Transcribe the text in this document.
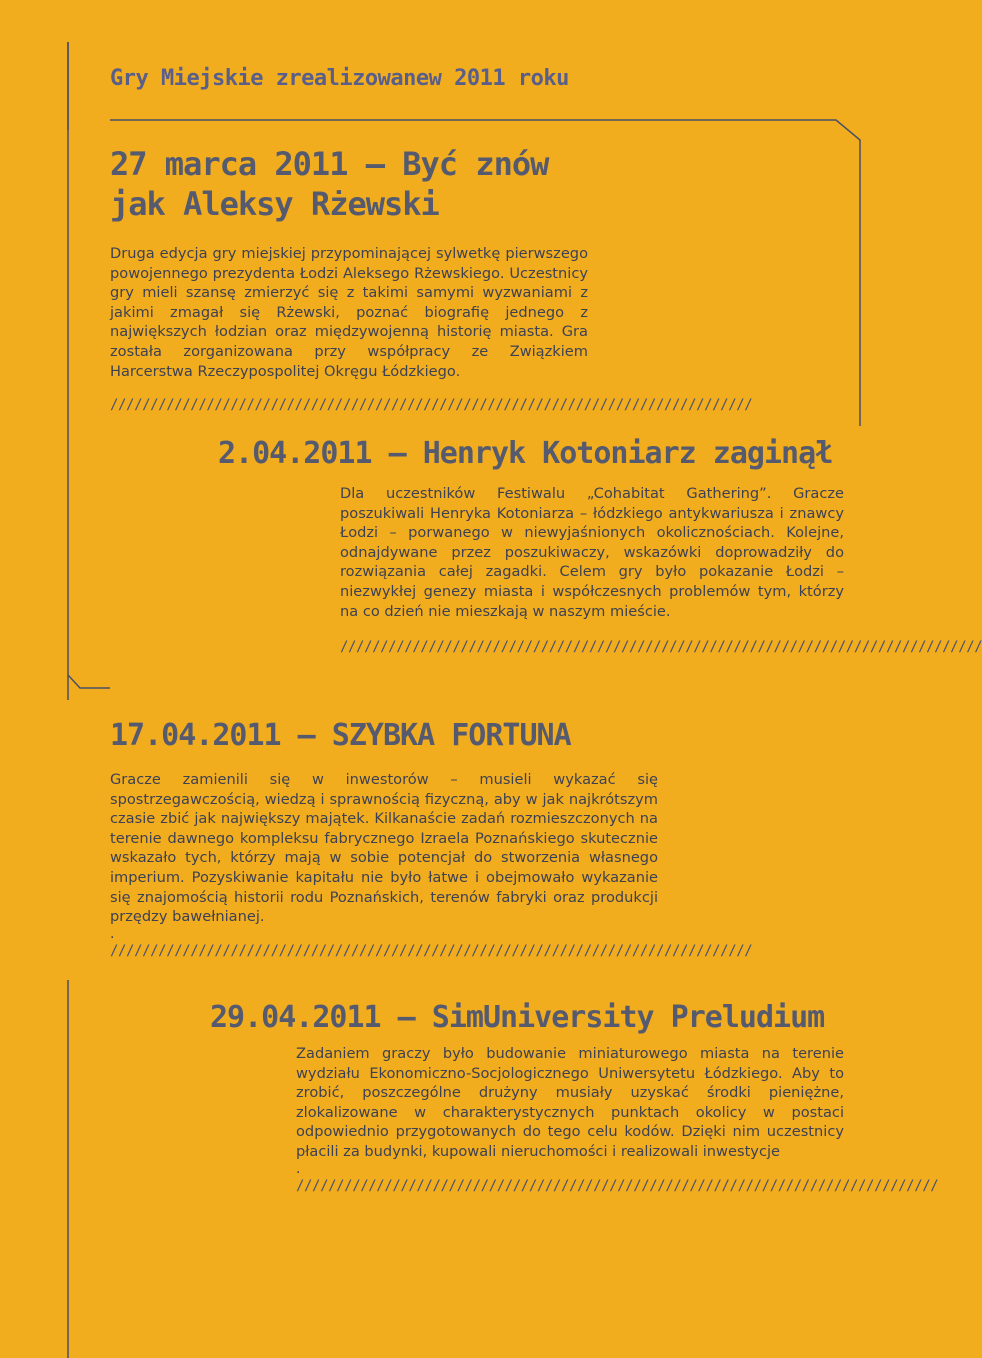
Gry Miejskie zrealizowanew 2011 roku
27 marca 2011 – Być znów jak Aleksy Rżewski

Druga edycja gry miejskiej przypominającej sylwetkę pierwszego powojennego prezydenta Łodzi Aleksego Rżewskiego. Uczestnicy gry mieli szansę zmierzyć się z takimi samymi wyzwaniami z jakimi zmagał się Rżewski, poznać biografię jednego z największych łodzian oraz międzywojenną historię miasta. Gra została zorganizowana przy współpracy ze Związkiem Harcerstwa Rzeczypospolitej Okręgu Łódzkiego.

////////////////////////////////////////////////////////////////////////////////
2.04.2011 – Henryk Kotoniarz zaginął

Dla uczestników Festiwalu „Cohabitat Gathering”. Gracze poszukiwali Henryka Kotoniarza – łódzkiego antykwariusza i znawcy Łodzi – porwanego w niewyjaśnionych okolicznościach. Kolejne, odnajdywane przez poszukiwaczy, wskazówki doprowadziły do rozwiązania całej zagadki. Celem gry było pokazanie Łodzi –niezwykłej genezy miasta i współczesnych problemów tym, którzy na co dzień nie mieszkają w naszym mieście.

////////////////////////////////////////////////////////////////////////////////
17.04.2011 – SZYBKA FORTUNA

Gracze zamienili się w inwestorów – musieli wykazać się spostrzegawczością, wiedzą i sprawnością fizyczną, aby w jak najkrótszym czasie zbić jak największy majątek. Kilkanaście zadań rozmieszczonych na terenie dawnego kompleksu fabrycznego Izraela Poznańskiego skutecznie wskazało tych, którzy mają w sobie potencjał do stworzenia własnego imperium. Pozyskiwanie kapitału nie było łatwe i obejmowało wykazanie się znajomością historii rodu Poznańskich, terenów fabryki oraz produkcji przędzy bawełnianej.

.
////////////////////////////////////////////////////////////////////////////////
29.04.2011 – SimUniversity Preludium

Zadaniem graczy było budowanie miniaturowego miasta na terenie wydziału Ekonomiczno-Socjologicznego Uniwersytetu Łódzkiego. Aby to zrobić, poszczególne drużyny musiały uzyskać środki pieniężne, zlokalizowane w charakterystycznych punktach okolicy w postaci odpowiednio przygotowanych do tego celu kodów. Dzięki nim uczestnicy płacili za budynki, kupowali nieruchomości i realizowali inwestycje

.
////////////////////////////////////////////////////////////////////////////////
